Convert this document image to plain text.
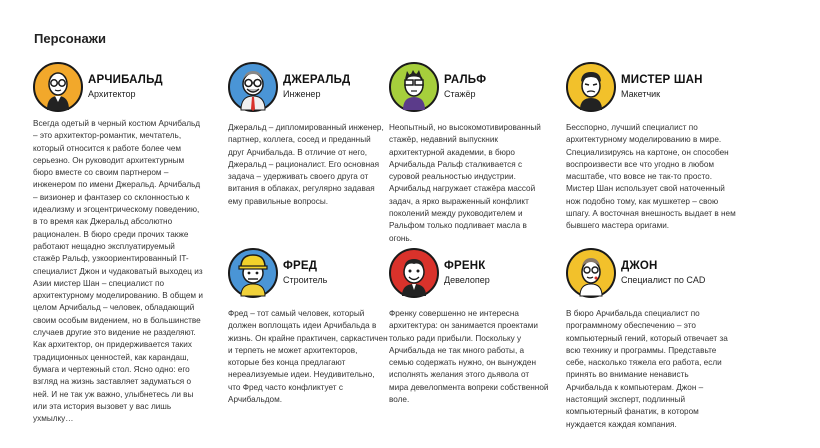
Персонажи
АРЧИБАЛЬД
Архитектор
Всегда одетый в черный костюм Арчибальд – это архитектор-романтик, мечтатель, который относится к работе более чем серьезно. Он руководит архитектурным бюро вместе со своим партнером – инженером по имени Джеральд. Арчибальд – визионер и фантазер со склонностью к идеализму и эгоцентрическому поведению, в то время как Джеральд абсолютно рационален. В бюро среди прочих также работают нещадно эксплуатируемый стажёр Ральф, узкоориентированный IT-специалист Джон и чудаковатый выходец из Азии мистер Шан – специалист по архитектурному моделированию. В общем и целом Арчибальд – человек, обладающий своим особым видением, но в большинстве случаев другие это видение не разделяют. Как архитектор, он придерживается таких традиционных ценностей, как карандаш, бумага и чертежный стол. Ясно одно: его взгляд на жизнь заставляет задуматься о ней. И не так уж важно, улыбнетесь ли вы или эта история вызовет у вас лишь ухмылку…
ДЖЕРАЛЬД
Инженер
Джеральд – дипломированный инженер, партнер, коллега, сосед и преданный друг Арчибальда. В отличие от него, Джеральд – рационалист. Его основная задача – удерживать своего друга от витания в облаках, регулярно задавая ему правильные вопросы.
РАЛЬФ
Стажёр
Неопытный, но высокомотивированный стажёр, недавний выпускник архитектурной академии, в бюро Арчибальда Ральф сталкивается с суровой реальностью индустрии. Арчибальд нагружает стажёра массой задач, а ярко выраженный конфликт поколений между руководителем и Ральфом только подливает масла в огонь.
МИСТЕР ШАН
Макетчик
Бесспорно, лучший специалист по архитектурному моделированию в мире. Специализируясь на картоне, он способен воспроизвести все что угодно в любом масштабе, что вовсе не так-то просто. Мистер Шан использует свой наточенный нож подобно тому, как мушкетер – свою шпагу. А восточная внешность выдает в нем бывшего мастера оригами.
ФРЕД
Строитель
Фред – тот самый человек, который должен воплощать идеи Арчибальда в жизнь. Он крайне практичен, саркастичен и терпеть не может архитекторов, которые без конца предлагают нереализуемые идеи. Неудивительно, что Фред часто конфликтует с Арчибальдом.
ФРЕНК
Девелопер
Френку совершенно не интересна архитектура: он занимается проектами только ради прибыли. Поскольку у Арчибальда не так много работы, а семью содержать нужно, он вынужден исполнять желания этого дьявола от мира девелопмента вопреки собственной воле.
ДЖОН
Специалист по CAD
В бюро Арчибальда специалист по программному обеспечению – это компьютерный гений, который отвечает за всю технику и программы. Представьте себе, насколько тяжела его работа, если принять во внимание ненависть Арчибальда к компьютерам. Джон – настоящий эксперт, подлинный компьютерный фанатик, в котором нуждается каждая компания.
